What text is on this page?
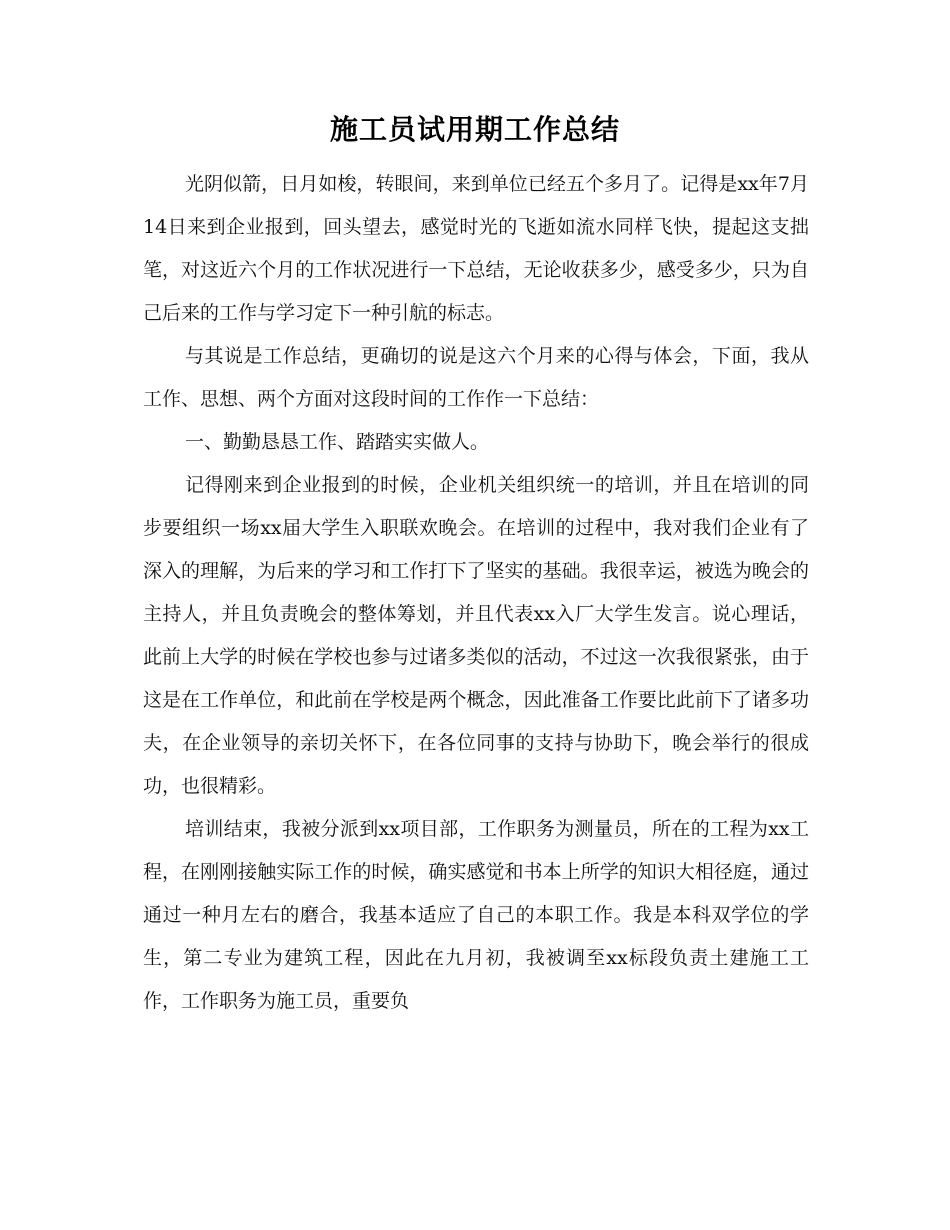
施工员试用期工作总结

光阴似箭，日月如梭，转眼间，来到单位已经五个多月了。记得是xx年7月14日来到企业报到，回头望去，感觉时光的飞逝如流水同样飞快，提起这支拙笔，对这近六个月的工作状况进行一下总结，无论收获多少，感受多少，只为自己后来的工作与学习定下一种引航的标志。

与其说是工作总结，更确切的说是这六个月来的心得与体会，下面，我从工作、思想、两个方面对这段时间的工作作一下总结：

一、勤勤恳恳工作、踏踏实实做人。

记得刚来到企业报到的时候，企业机关组织统一的培训，并且在培训的同步要组织一场xx届大学生入职联欢晚会。在培训的过程中，我对我们企业有了深入的理解，为后来的学习和工作打下了坚实的基础。我很幸运，被选为晚会的主持人，并且负责晚会的整体筹划，并且代表xx入厂大学生发言。说心理话，此前上大学的时候在学校也参与过诸多类似的活动，不过这一次我很紧张，由于这是在工作单位，和此前在学校是两个概念，因此准备工作要比此前下了诸多功夫，在企业领导的亲切关怀下，在各位同事的支持与协助下，晚会举行的很成功，也很精彩。

培训结束，我被分派到xx项目部，工作职务为测量员，所在的工程为xx工程，在刚刚接触实际工作的时候，确实感觉和书本上所学的知识大相径庭，通过通过一种月左右的磨合，我基本适应了自己的本职工作。我是本科双学位的学生，第二专业为建筑工程，因此在九月初，我被调至xx标段负责土建施工工作，工作职务为施工员，重要负
